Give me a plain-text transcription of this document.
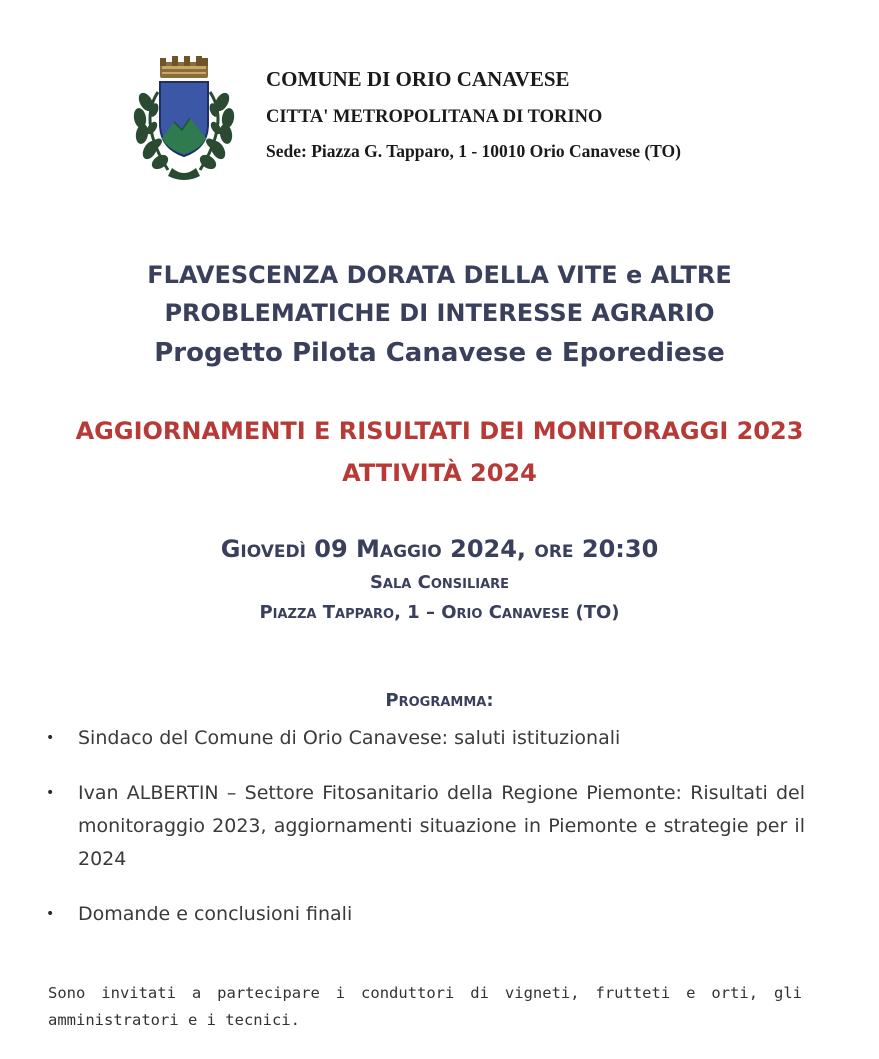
COMUNE DI ORIO CANAVESE
CITTA' METROPOLITANA DI TORINO
Sede: Piazza G. Tapparo, 1 - 10010 Orio Canavese (TO)
FLAVESCENZA DORATA DELLA VITE e ALTRE
PROBLEMATICHE DI INTERESSE AGRARIO
Progetto Pilota Canavese e Eporediese
AGGIORNAMENTI E RISULTATI DEI MONITORAGGI 2023
ATTIVITÀ 2024
Giovedì 09 Maggio 2024, ore 20:30
Sala Consiliare
Piazza Tapparo, 1 – Orio Canavese (TO)
Programma:
• Sindaco del Comune di Orio Canavese: saluti istituzionali
• Ivan ALBERTIN – Settore Fitosanitario della Regione Piemonte: Risultati del monitoraggio 2023, aggiornamenti situazione in Piemonte e strategie per il 2024
• Domande e conclusioni finali
Sono invitati a partecipare i conduttori di vigneti, frutteti e orti, gli amministratori e i tecnici.
